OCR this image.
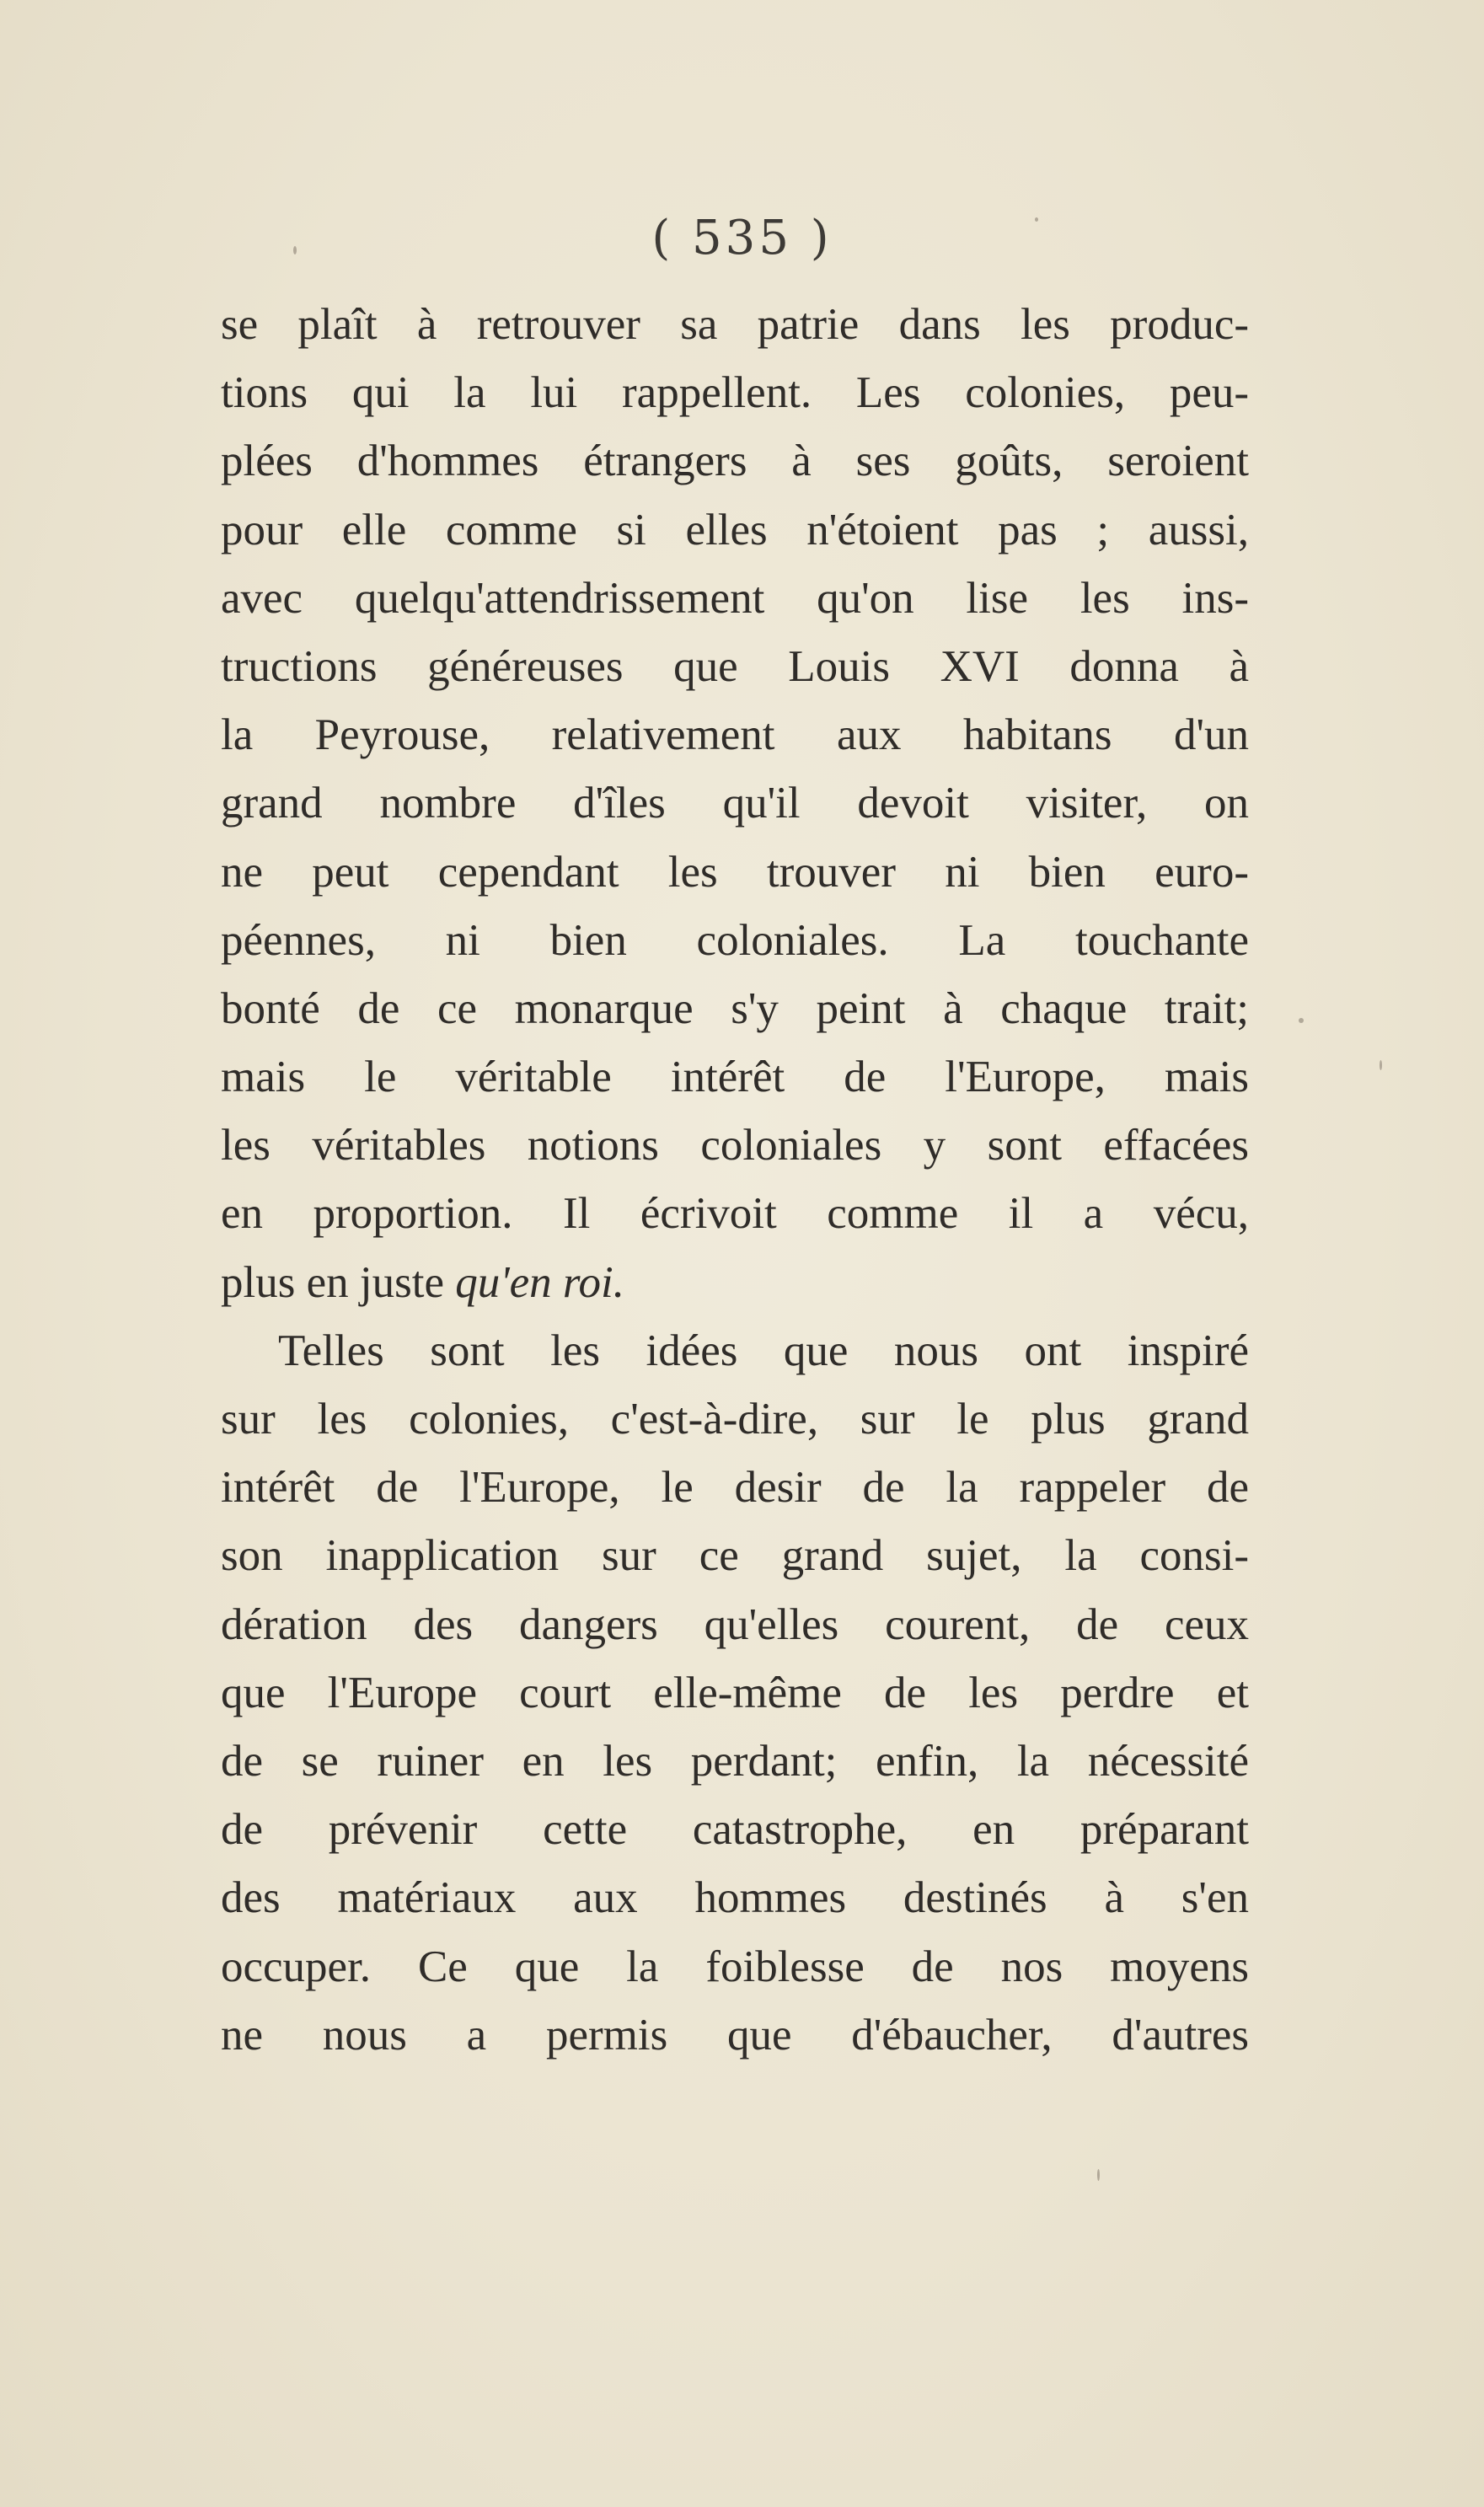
( 535 )
se plaît à retrouver sa patrie dans les produc-
tions qui la lui rappellent. Les colonies, peu-
plées d'hommes étrangers à ses goûts, seroient
pour elle comme si elles n'étoient pas ; aussi,
avec quelqu'attendrissement qu'on lise les ins-
tructions généreuses que Louis XVI donna à
la Peyrouse, relativement aux habitans d'un
grand nombre d'îles qu'il devoit visiter, on
ne peut cependant les trouver ni bien euro-
péennes, ni bien coloniales. La touchante
bonté de ce monarque s'y peint à chaque trait;
mais le véritable intérêt de l'Europe, mais
les véritables notions coloniales y sont effacées
en proportion. Il écrivoit comme il a vécu,
plus en juste qu'en roi.
Telles sont les idées que nous ont inspiré
sur les colonies, c'est-à-dire, sur le plus grand
intérêt de l'Europe, le desir de la rappeler de
son inapplication sur ce grand sujet, la consi-
dération des dangers qu'elles courent, de ceux
que l'Europe court elle-même de les perdre et
de se ruiner en les perdant; enfin, la nécessité
de prévenir cette catastrophe, en préparant
des matériaux aux hommes destinés à s'en
occuper. Ce que la foiblesse de nos moyens
ne nous a permis que d'ébaucher, d'autres
